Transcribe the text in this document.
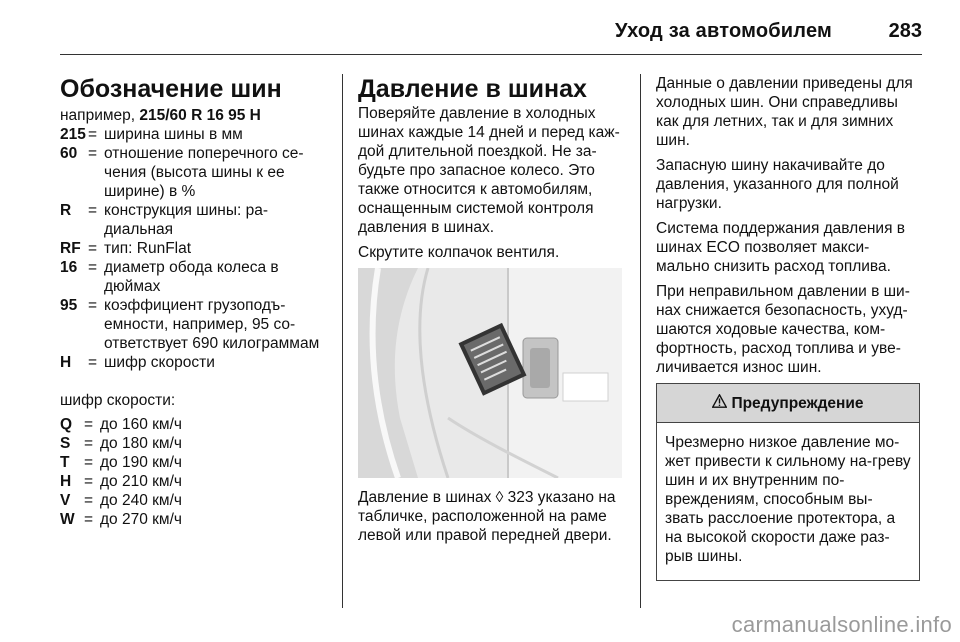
Уход за автомобилем	283
Обозначение шин
например, 215/60 R 16 95 H
215 = ширина шины в мм
60 = отношение поперечного се-чения (высота шины к ее ширине) в %
R	= конструкция шины: ра-диальная
RF = тип: RunFlat
16 = диаметр обода колеса в дюймах
95 = коэффициент грузоподъ-емности, например, 95 со-ответствует 690 килограммам
H	= шифр скорости
шифр скорости:
Q = до 160 км/ч
S = до 180 км/ч
T = до 190 км/ч
H = до 210 км/ч
V = до 240 км/ч
W = до 270 км/ч
Давление в шинах

Поверяйте давление в холодных шинах каждые 14 дней и перед каж-дой длительной поездкой. Не за-будьте про запасное колесо. Это также относится к автомобилям, оснащенным системой контроля давления в шинах.

Скрутите колпачок вентиля.

Давление в шинах ◊ 323 указано на табличке, расположенной на раме левой или правой передней двери.

Данные о давлении приведены для холодных шин. Они справедливы как для летних, так и для зимних шин.

Запасную шину накачивайте до давления, указанного для полной нагрузки.

Система поддержания давления в шинах ECO позволяет макси-мально снизить расход топлива.

При неправильном давлении в ши-нах снижается безопасность, ухуд-шаются ходовые качества, ком-фортность, расход топлива и уве-личивается износ шин.

Предупреждение
Чрезмерно низкое давление мо-жет привести к сильному на-греву шин и их внутренним по-вреждениям, способным вы-звать расслоение протектора, а на высокой скорости даже раз-рыв шины.
carmanualsonline.info
